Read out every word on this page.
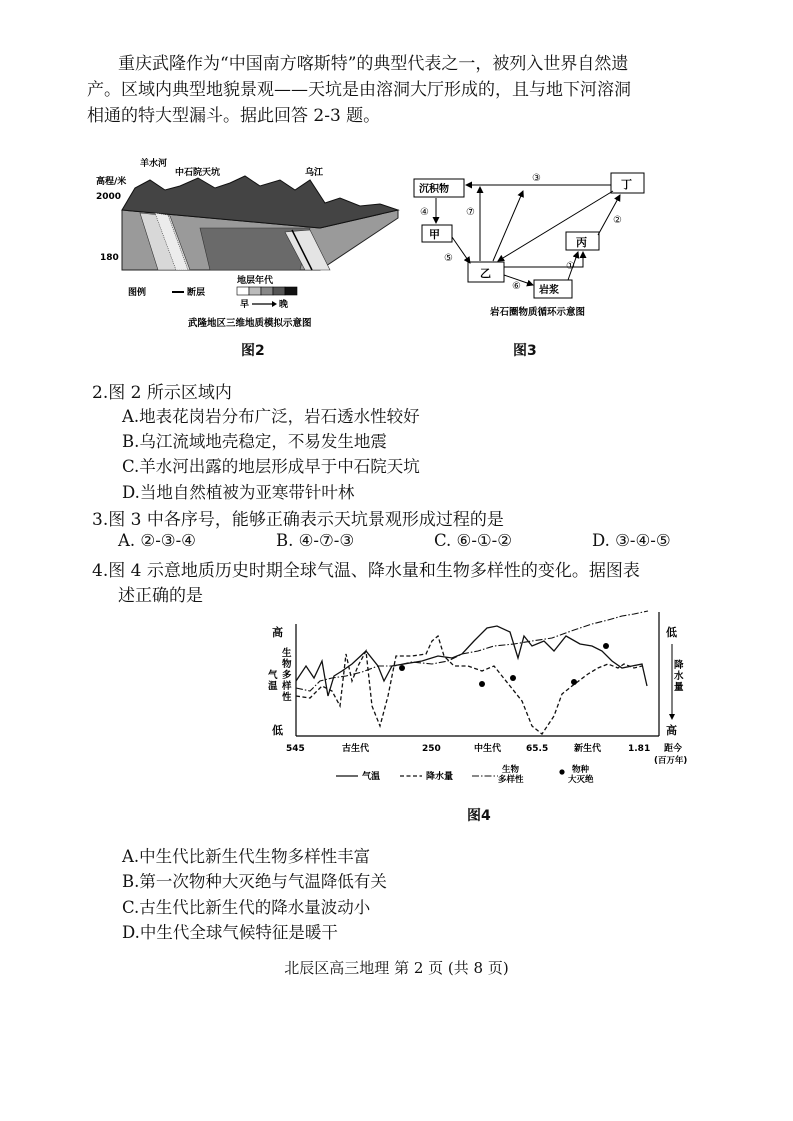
重庆武隆作为“中国南方喀斯特”的典型代表之一，被列入世界自然遗
产。区域内典型地貌景观——天坑是由溶洞大厅形成的，且与地下河溶洞
相通的特大型漏斗。据此回答 2-3 题。
高程/米
2000
180
羊水河
中石院天坑	乌江
图例	断层
地层年代
早	晚
武隆地区三维地质模拟示意图
图2
沉积物
甲
乙
丙
丁
岩浆
③
④	⑦
⑤
⑥
①
②
岩石圈物质循环示意图
图3
2.图 2 所示区域内
A.地表花岗岩分布广泛，岩石透水性较好
B.乌江流域地壳稳定，不易发生地震
C.羊水河出露的地层形成早于中石院天坑
D.当地自然植被为亚寒带针叶林
3.图 3 中各序号，能够正确表示天坑景观形成过程的是
A. ②-③-④	B. ④-⑦-③	C. ⑥-①-②	D. ③-④-⑤
4.图 4 示意地质历史时期全球气温、降水量和生物多样性的变化。据图表
述正确的是
高
低
生 物 多 样 性
气 温
低
高
降 水 量
545	古生代	250	中生代	65.5	新生代	1.81 距今
(百万年)
气温	降水量
生物 多样性
物种 大灭绝
图4
A.中生代比新生代生物多样性丰富
B.第一次物种大灭绝与气温降低有关
C.古生代比新生代的降水量波动小
D.中生代全球气候特征是暖干
北辰区高三地理 第 2 页 (共 8 页)
